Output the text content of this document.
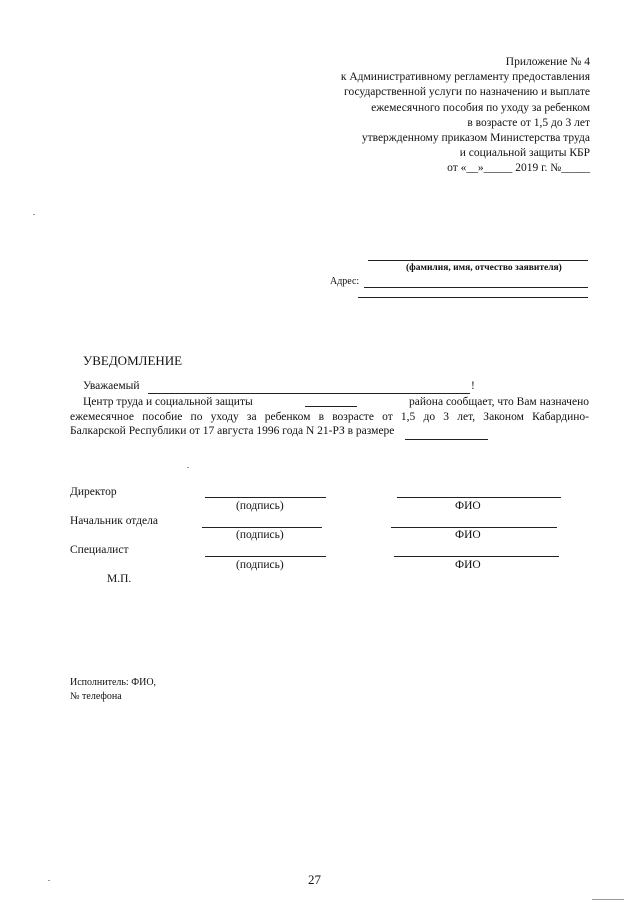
Приложение № 4
к Административному регламенту предоставления
государственной услуги по назначению и выплате
ежемесячного пособия по уходу за ребенком
в возрасте от 1,5 до 3 лет
утвержденному приказом Министерства труда
и социальной защиты КБР
от «__»_____ 2019 г. №_____
(фамилия, имя, отчество заявителя)
Адрес:
УВЕДОМЛЕНИЕ
Уважаемый	!
Центр труда и социальной защиты	района сообщает, что Вам назначено
ежемесячное пособие по уходу за ребенком в возрасте от 1,5 до 3 лет, Законом Кабардино-
Балкарской Республики от 17 августа 1996 года N 21-РЗ в размере
Директор
(подпись)	ФИО
Начальник отдела
(подпись)	ФИО
Специалист
(подпись)	ФИО
М.П.
Исполнитель: ФИО,
№ телефона
27
